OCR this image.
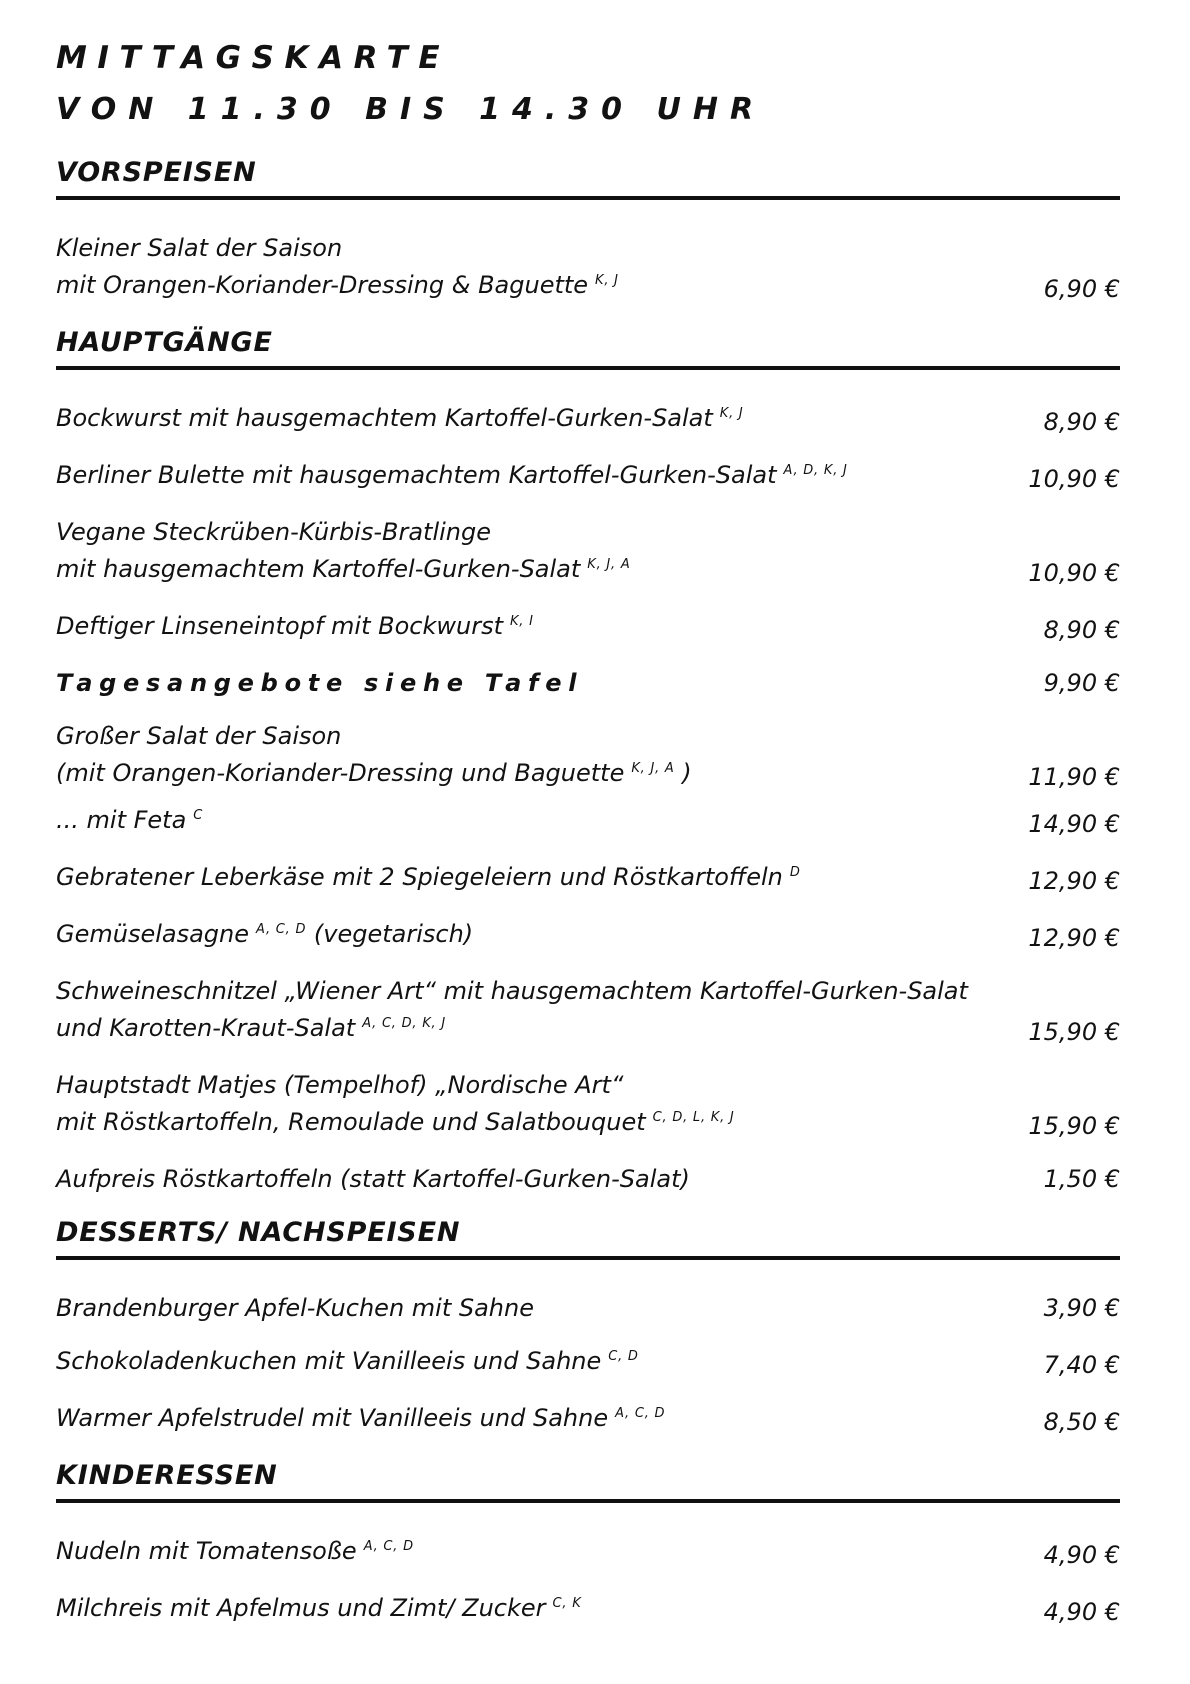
MITTAGSKARTE
VON 11.30 BIS 14.30 UHR
VORSPEISEN
Kleiner Salat der Saison
mit Orangen-Koriander-Dressing & Baguette $^{K, J}$	6,90 €
HAUPTGÄNGE
Bockwurst mit hausgemachtem Kartoffel-Gurken-Salat $^{K, J}$	8,90 €
Berliner Bulette mit hausgemachtem Kartoffel-Gurken-Salat $^{A, D, K, J}$	10,90 €
Vegane Steckrüben-Kürbis-Bratlinge
mit hausgemachtem Kartoffel-Gurken-Salat $^{K, J, A}$	10,90 €
Deftiger Linseneintopf mit Bockwurst $^{K, I}$	8,90 €
Tagesangebote siehe Tafel	9,90 €
Großer Salat der Saison
(mit Orangen-Koriander-Dressing und Baguette $^{K, J, A}$ )	11,90 €
... mit Feta $^C$	14,90 €
Gebratener Leberkäse mit 2 Spiegeleiern und Röstkartoffeln $^D$	12,90 €
Gemüselasagne $^{A, C, D}$ (vegetarisch)	12,90 €
Schweineschnitzel „Wiener Art“ mit hausgemachtem Kartoffel-Gurken-Salat
und Karotten-Kraut-Salat $^{A, C, D, K, J}$	15,90 €
Hauptstadt Matjes (Tempelhof) „Nordische Art“
mit Röstkartoffeln, Remoulade und Salatbouquet $^{C, D, L, K, J}$	15,90 €
Aufpreis Röstkartoffeln (statt Kartoffel-Gurken-Salat)	1,50 €
DESSERTS/ NACHSPEISEN
Brandenburger Apfel-Kuchen mit Sahne	3,90 €
Schokoladenkuchen mit Vanilleeis und Sahne $^{C, D}$	7,40 €
Warmer Apfelstrudel mit Vanilleeis und Sahne $^{A, C, D}$	8,50 €
KINDERESSEN
Nudeln mit Tomatensoße $^{A, C, D}$	4,90 €
Milchreis mit Apfelmus und Zimt/ Zucker $^{C, K}$	4,90 €
